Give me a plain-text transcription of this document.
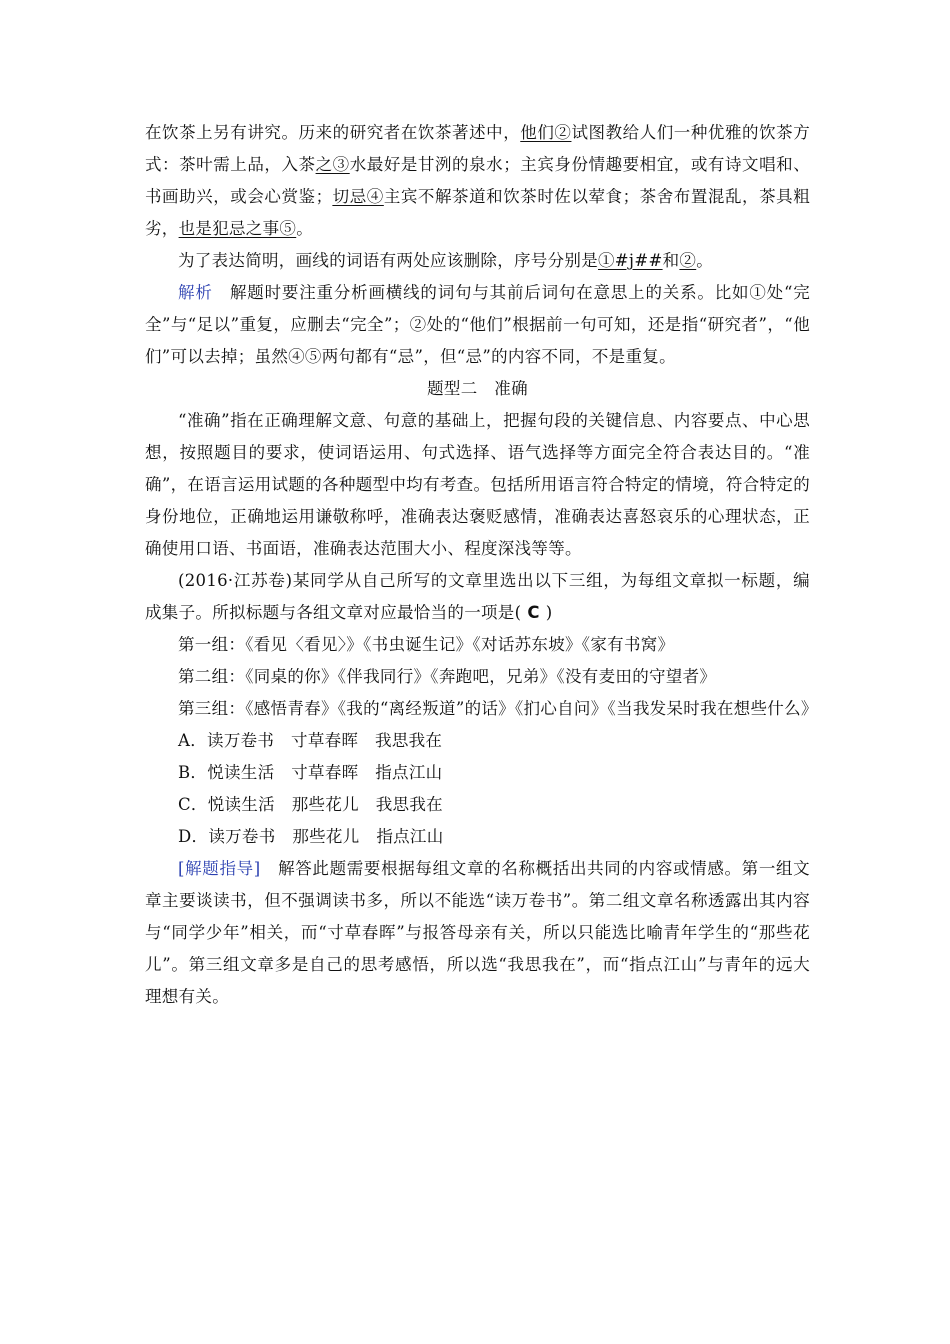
在饮茶上另有讲究。历来的研究者在饮茶著述中，他们②试图教给人们一种优雅的饮茶方式：茶叶需上品，入茶之③水最好是甘洌的泉水；主宾身份情趣要相宜，或有诗文唱和、书画助兴，或会心赏鉴；切忌④主宾不解茶道和饮茶时佐以荤食；茶舍布置混乱，茶具粗劣，也是犯忌之事⑤。

为了表达简明，画线的词语有两处应该删除，序号分别是①#j##和②。

解析　解题时要注重分析画横线的词句与其前后词句在意思上的关系。比如①处“完全”与“足以”重复，应删去“完全”；②处的“他们”根据前一句可知，还是指“研究者”，“他们”可以去掉；虽然④⑤两句都有“忌”，但“忌”的内容不同，不是重复。

题型二　准确

“准确”指在正确理解文意、句意的基础上，把握句段的关键信息、内容要点、中心思想，按照题目的要求，使词语运用、句式选择、语气选择等方面完全符合表达目的。“准确”，在语言运用试题的各种题型中均有考查。包括所用语言符合特定的情境，符合特定的身份地位，正确地运用谦敬称呼，准确表达褒贬感情，准确表达喜怒哀乐的心理状态，正确使用口语、书面语，准确表达范围大小、程度深浅等等。

(2016·江苏卷)某同学从自己所写的文章里选出以下三组，为每组文章拟一标题，编成集子。所拟标题与各组文章对应最恰当的一项是( C )

第一组：《看见〈看见〉》《书虫诞生记》《对话苏东坡》《家有书窝》

第二组：《同桌的你》《伴我同行》《奔跑吧，兄弟》《没有麦田的守望者》

第三组：《感悟青春》《我的“离经叛道”的话》《扪心自问》《当我发呆时我在想些什么》

A．读万卷书　寸草春晖　我思我在

B．悦读生活　寸草春晖　指点江山

C．悦读生活　那些花儿　我思我在

D．读万卷书　那些花儿　指点江山

[解题指导]　解答此题需要根据每组文章的名称概括出共同的内容或情感。第一组文章主要谈读书，但不强调读书多，所以不能选“读万卷书”。第二组文章名称透露出其内容与“同学少年”相关，而“寸草春晖”与报答母亲有关，所以只能选比喻青年学生的“那些花儿”。第三组文章多是自己的思考感悟，所以选“我思我在”，而“指点江山”与青年的远大理想有关。
